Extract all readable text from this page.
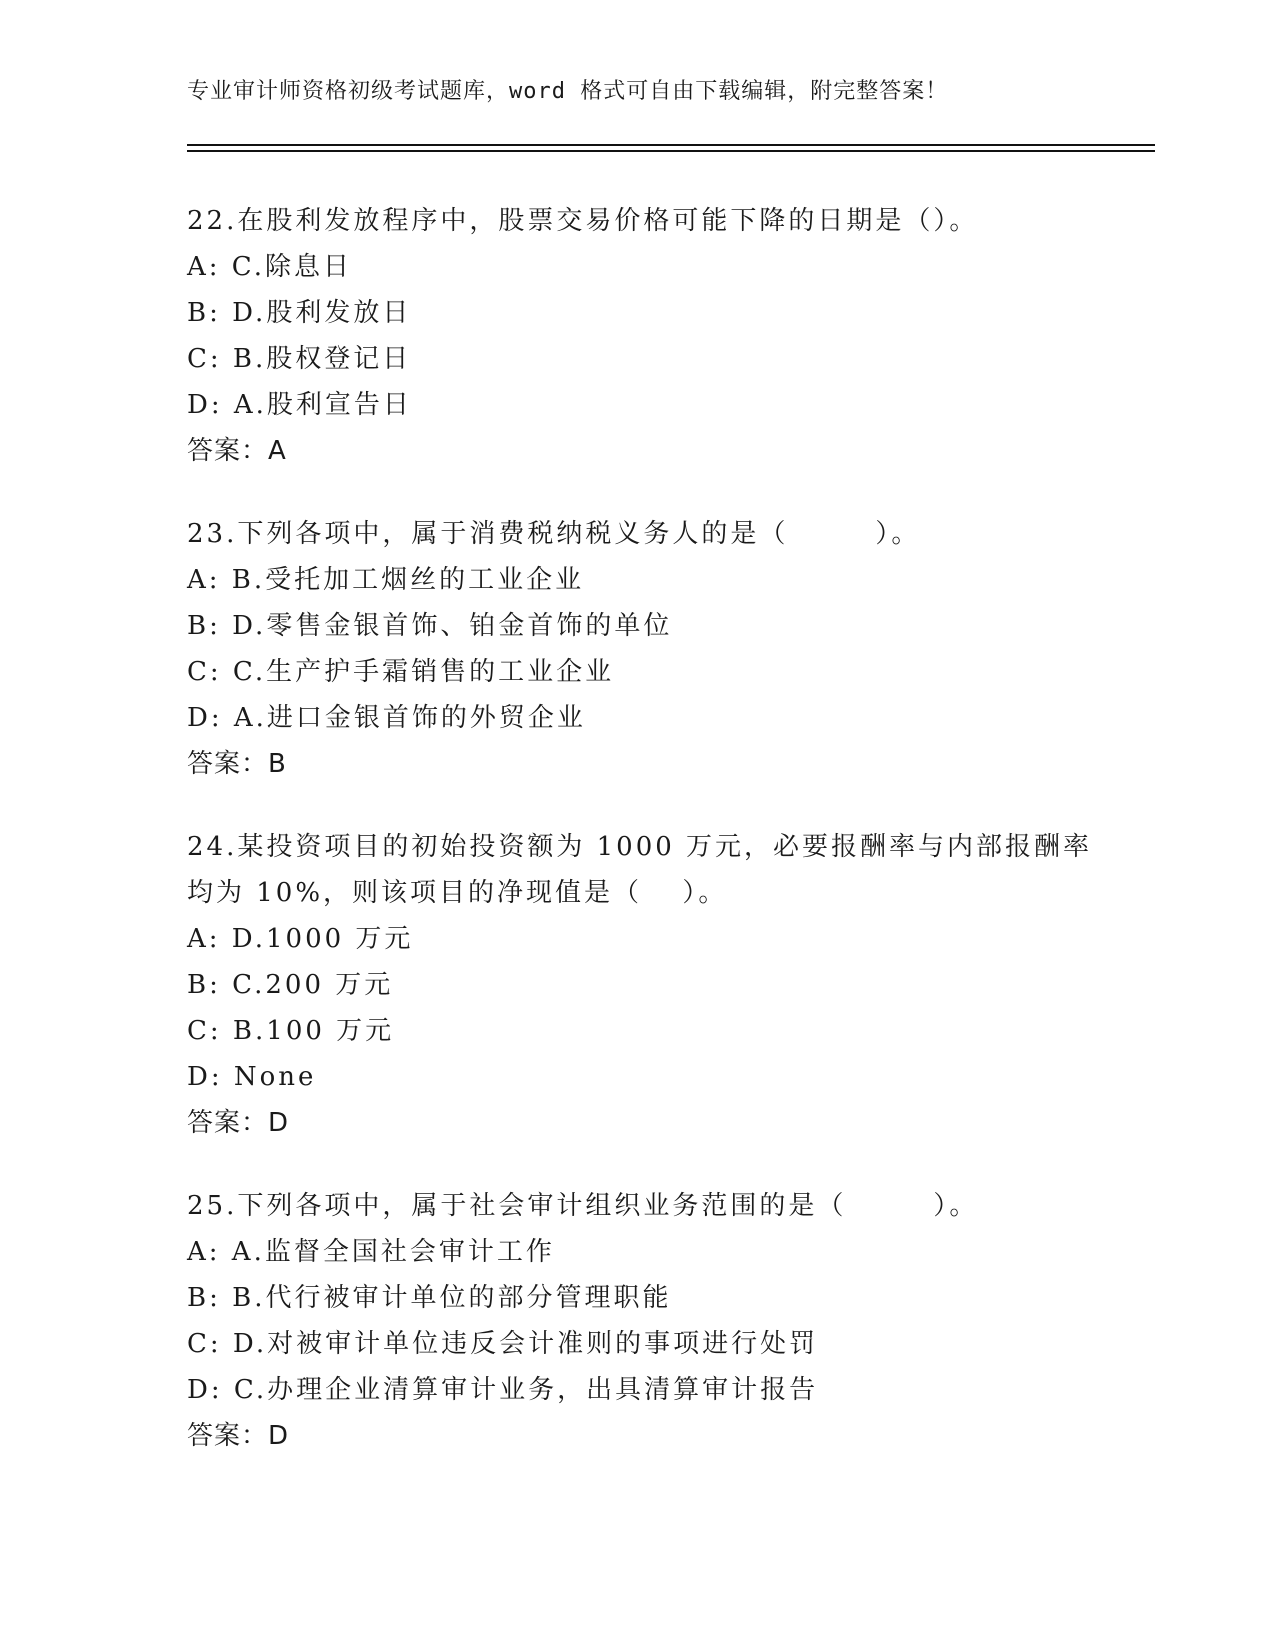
专业审计师资格初级考试题库，word 格式可自由下载编辑，附完整答案！
22.在股利发放程序中，股票交易价格可能下降的日期是（）。
A: C.除息日
B: D.股利发放日
C: B.股权登记日
D: A.股利宣告日
答案：A
23.下列各项中，属于消费税纳税义务人的是（　　　）。
A: B.受托加工烟丝的工业企业
B: D.零售金银首饰、铂金首饰的单位
C: C.生产护手霜销售的工业企业
D: A.进口金银首饰的外贸企业
答案：B
24.某投资项目的初始投资额为 1000 万元，必要报酬率与内部报酬率
均为 10%，则该项目的净现值是（　 ）。
A: D.1000 万元
B: C.200 万元
C: B.100 万元
D: None
答案：D
25.下列各项中，属于社会审计组织业务范围的是（　　　）。
A: A.监督全国社会审计工作
B: B.代行被审计单位的部分管理职能
C: D.对被审计单位违反会计准则的事项进行处罚
D: C.办理企业清算审计业务，出具清算审计报告
答案：D
